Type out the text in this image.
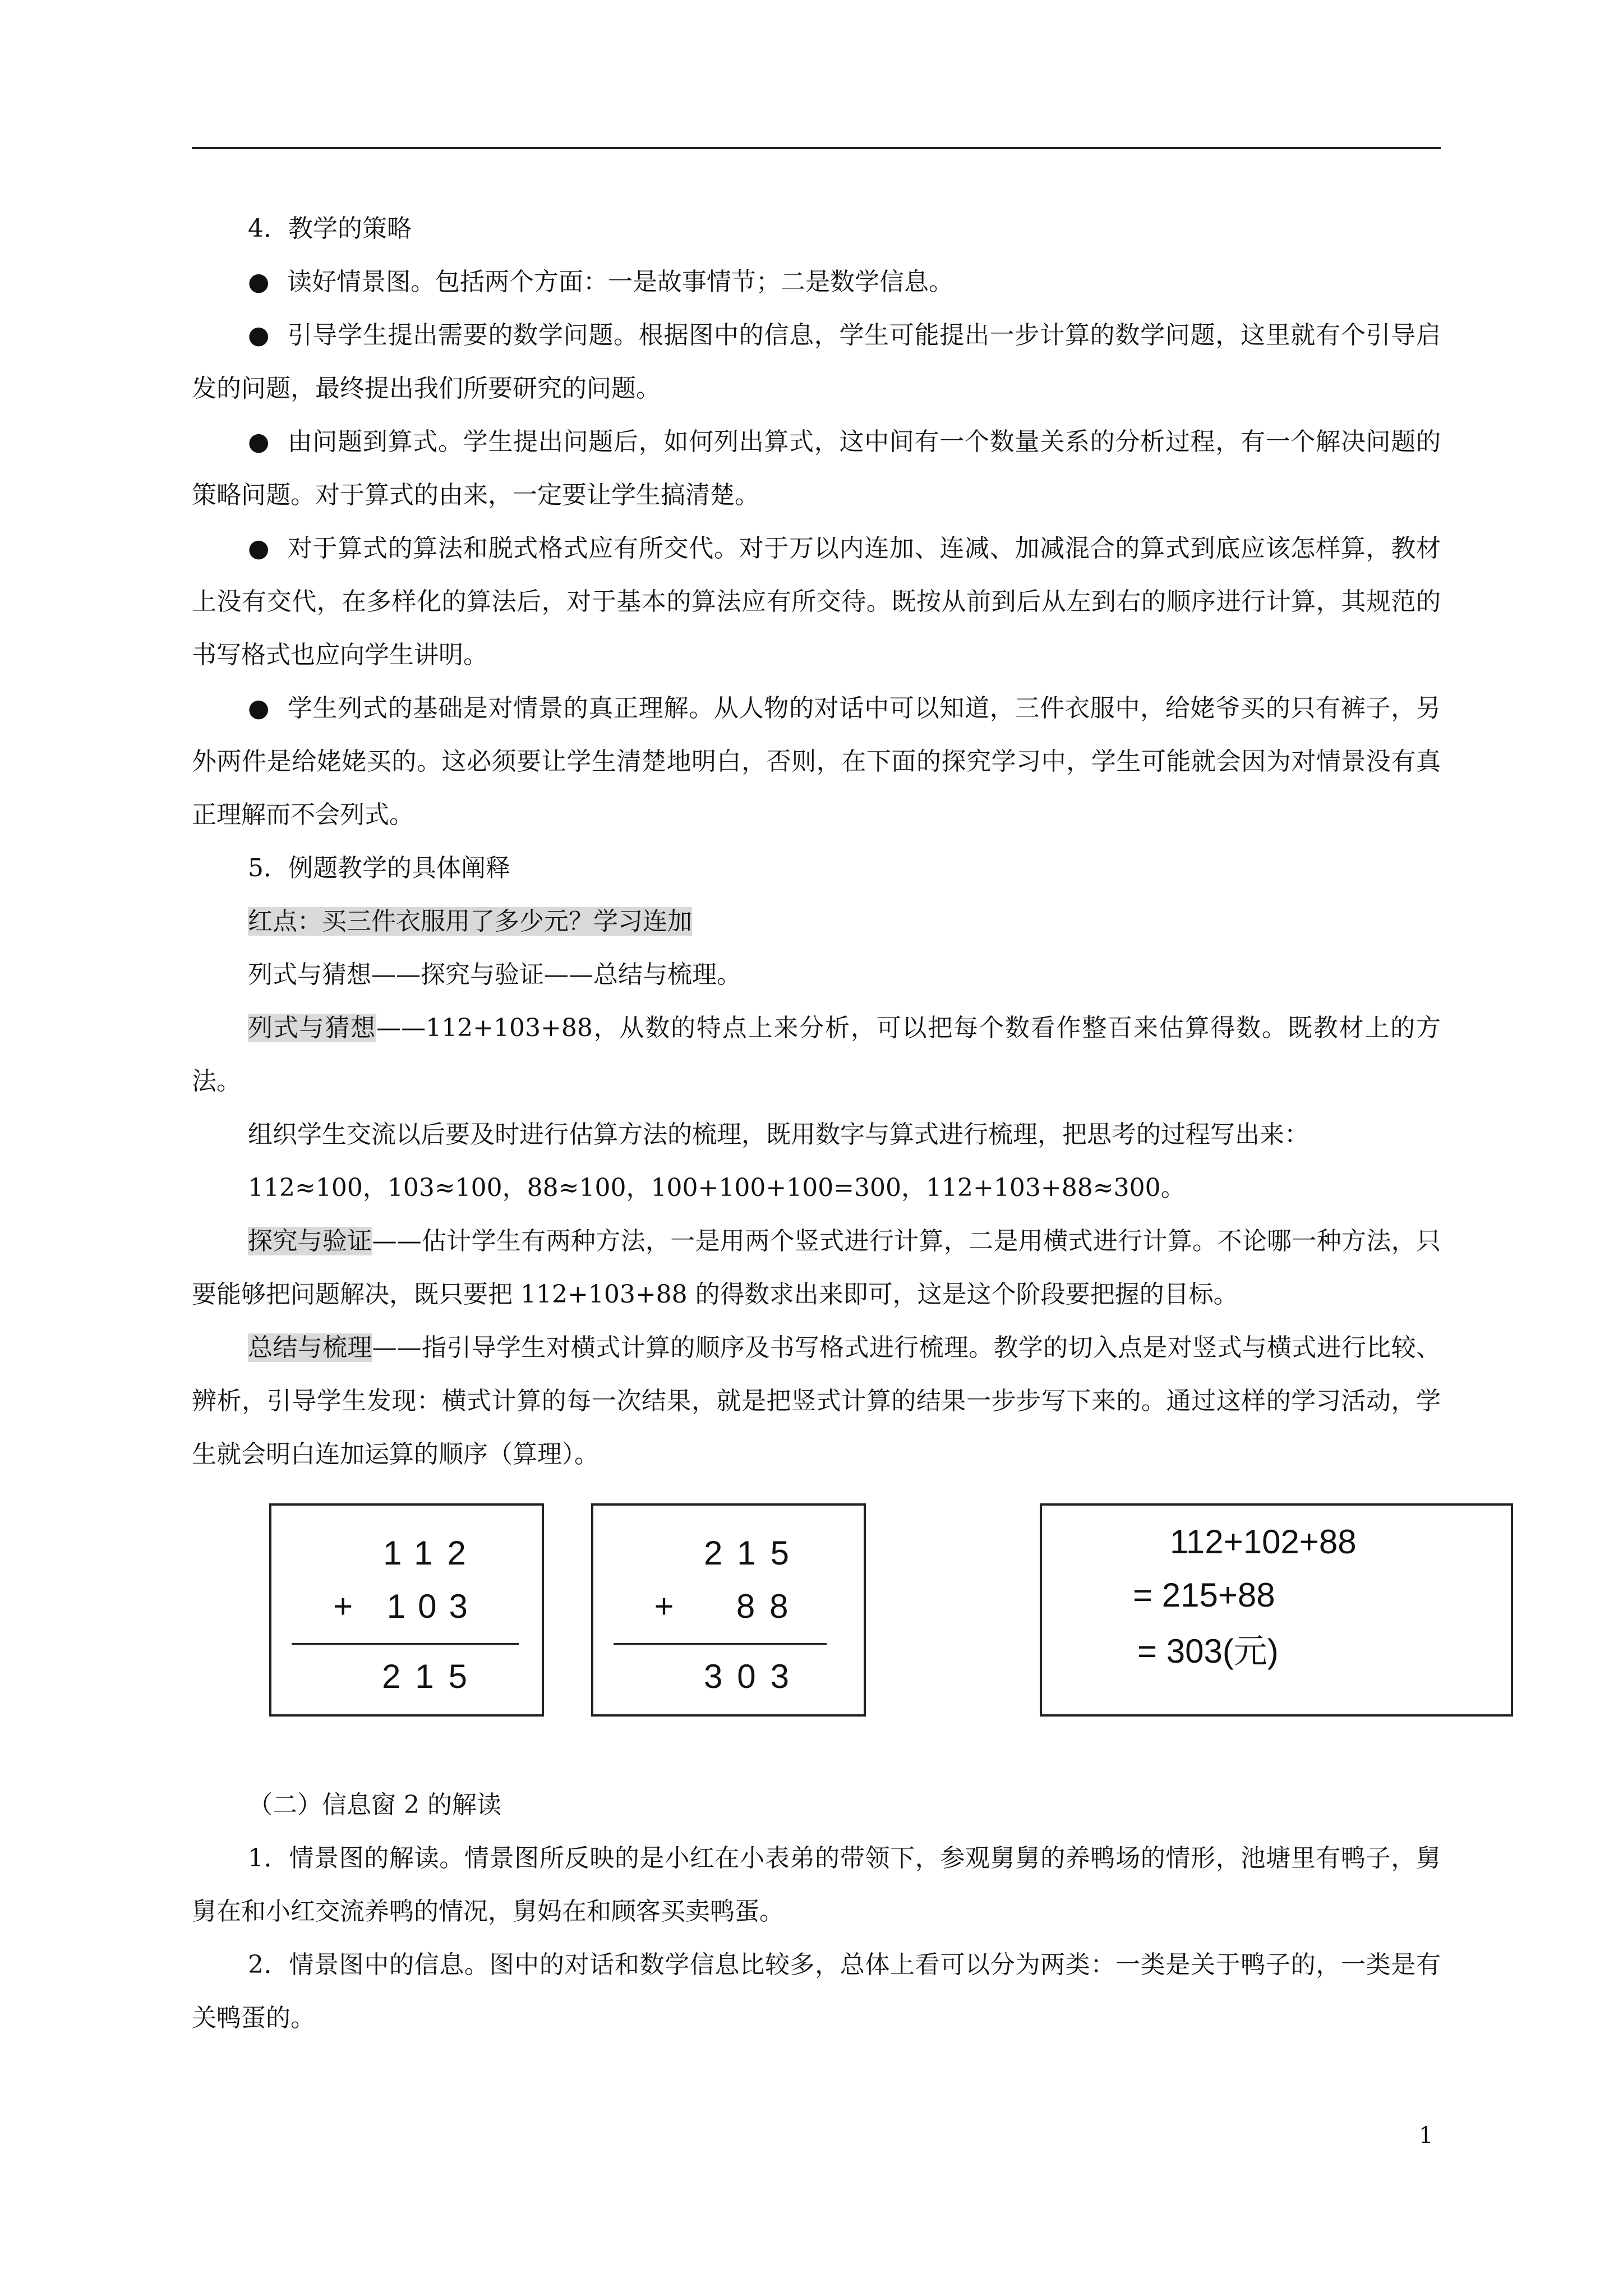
4．教学的策略

● 读好情景图。包括两个方面：一是故事情节；二是数学信息。

● 引导学生提出需要的数学问题。根据图中的信息，学生可能提出一步计算的数学问题，这里就有个引导启发的问题，最终提出我们所要研究的问题。

● 由问题到算式。学生提出问题后，如何列出算式，这中间有一个数量关系的分析过程，有一个解决问题的策略问题。对于算式的由来，一定要让学生搞清楚。

● 对于算式的算法和脱式格式应有所交代。对于万以内连加、连减、加减混合的算式到底应该怎样算，教材上没有交代，在多样化的算法后，对于基本的算法应有所交待。既按从前到后从左到右的顺序进行计算，其规范的书写格式也应向学生讲明。

● 学生列式的基础是对情景的真正理解。从人物的对话中可以知道，三件衣服中，给姥爷买的只有裤子，另外两件是给姥姥买的。这必须要让学生清楚地明白，否则，在下面的探究学习中，学生可能就会因为对情景没有真正理解而不会列式。

5．例题教学的具体阐释

红点：买三件衣服用了多少元？学习连加

列式与猜想——探究与验证——总结与梳理。

列式与猜想——112+103+88，从数的特点上来分析，可以把每个数看作整百来估算得数。既教材上的方法。

组织学生交流以后要及时进行估算方法的梳理，既用数字与算式进行梳理，把思考的过程写出来：

112≈100，103≈100，88≈100，100+100+100=300，112+103+88≈300。

探究与验证——估计学生有两种方法，一是用两个竖式进行计算，二是用横式进行计算。不论哪一种方法，只要能够把问题解决，既只要把 112+103+88 的得数求出来即可，这是这个阶段要把握的目标。

总结与梳理——指引导学生对横式计算的顺序及书写格式进行梳理。教学的切入点是对竖式与横式进行比较、辨析，引导学生发现：横式计算的每一次结果，就是把竖式计算的结果一步步写下来的。通过这样的学习活动，学生就会明白连加运算的顺序（算理）。

112
+ 103
215
215
+  88
303
112+102+88
= 215+88
= 303(元)

（二）信息窗 2 的解读

1．情景图的解读。情景图所反映的是小红在小表弟的带领下，参观舅舅的养鸭场的情形，池塘里有鸭子，舅舅在和小红交流养鸭的情况，舅妈在和顾客买卖鸭蛋。

2．情景图中的信息。图中的对话和数学信息比较多，总体上看可以分为两类：一类是关于鸭子的，一类是有关鸭蛋的。

1
